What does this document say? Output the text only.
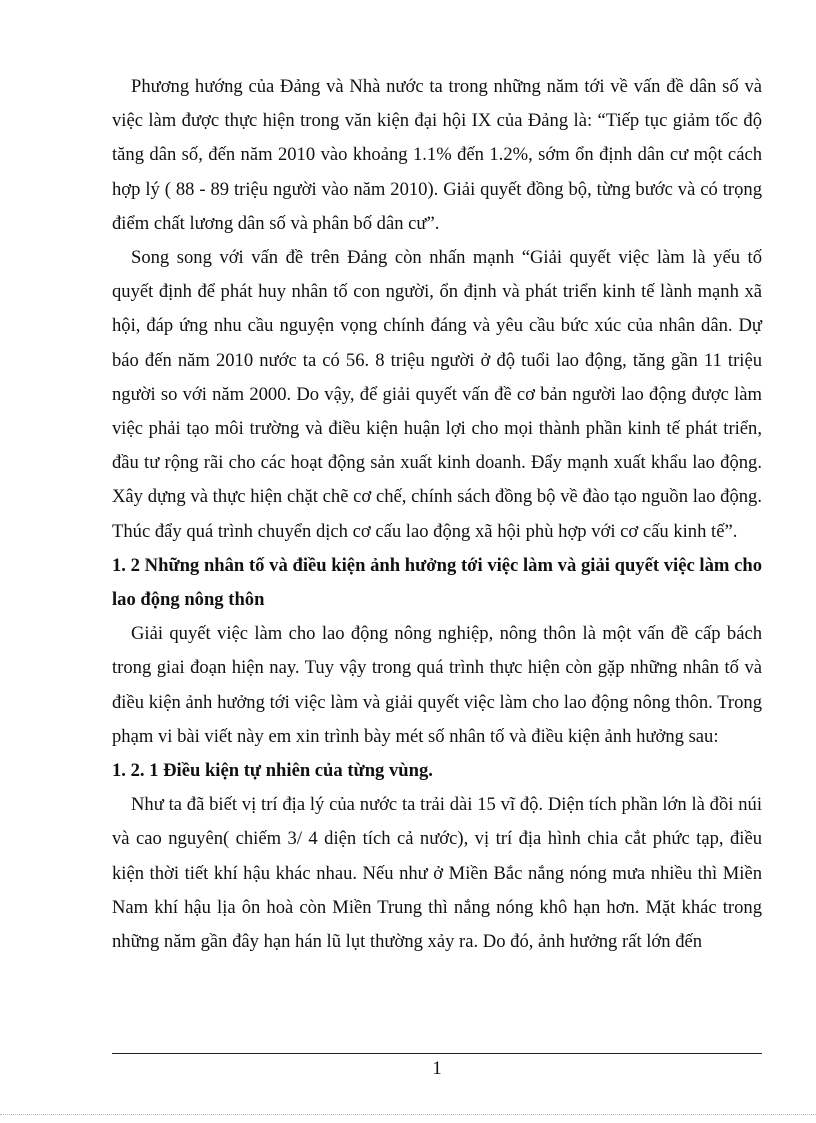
Phương hướng của Đảng và Nhà nước ta trong những năm tới về vấn đề dân số và việc làm được thực hiện trong văn kiện đại hội IX của Đảng là: “Tiếp tục giảm tốc độ tăng dân số, đến năm 2010 vào khoảng 1.1% đến 1.2%, sớm ổn định dân cư một cách hợp lý ( 88 - 89 triệu người vào năm 2010). Giải quyết đồng bộ, từng bước và có trọng điểm chất lương dân số và phân bố dân cư”.

Song song với vấn đề trên Đảng còn nhấn mạnh “Giải quyết việc làm là yếu tố quyết định để phát huy nhân tố con người, ổn định và phát triển kinh tế lành mạnh xã hội, đáp ứng nhu cầu nguyện vọng chính đáng và yêu cầu bức xúc của nhân dân. Dự báo đến năm 2010 nước ta có 56. 8 triệu người ở độ tuổi lao động, tăng gần 11 triệu người so với năm 2000. Do vậy, để giải quyết vấn đề cơ bản người lao động được làm việc phải tạo môi trường và điều kiện huận lợi cho mọi thành phần kinh tế phát triển, đầu tư rộng rãi cho các hoạt động sản xuất kinh doanh. Đẩy mạnh xuất khẩu lao động. Xây dựng và thực hiện chặt chẽ cơ chế, chính sách đồng bộ về đào tạo nguồn lao động. Thúc đẩy quá trình chuyển dịch cơ cấu lao động xã hội phù hợp với cơ cấu kinh tế”.

1. 2 Những nhân tố và điều kiện ảnh hưởng tới việc làm và giải quyết việc làm cho lao động nông thôn

Giải quyết việc làm cho lao động nông nghiệp, nông thôn là một vấn đề cấp bách trong giai đoạn hiện nay. Tuy vậy trong quá trình thực hiện còn gặp những nhân tố và điều kiện ảnh hưởng tới việc làm và giải quyết việc làm cho lao động nông thôn. Trong phạm vi bài viết này em xin trình bày mét số nhân tố và điều kiện ảnh hưởng sau:

1. 2. 1 Điều kiện tự nhiên của từng vùng.

Như ta đã biết vị trí địa lý của nước ta trải dài 15 vĩ độ. Diện tích phần lớn là đồi núi và cao nguyên( chiếm 3/ 4 diện tích cả nước), vị trí địa hình chia cắt phức tạp, điều kiện thời tiết khí hậu khác nhau. Nếu như ở Miền Bắc nắng nóng mưa nhiều thì Miền Nam khí hậu lịa ôn hoà còn Miền Trung thì nắng nóng khô hạn hơn. Mặt khác trong những năm gần đây hạn hán lũ lụt thường xảy ra. Do đó, ảnh hưởng rất lớn đến

1
